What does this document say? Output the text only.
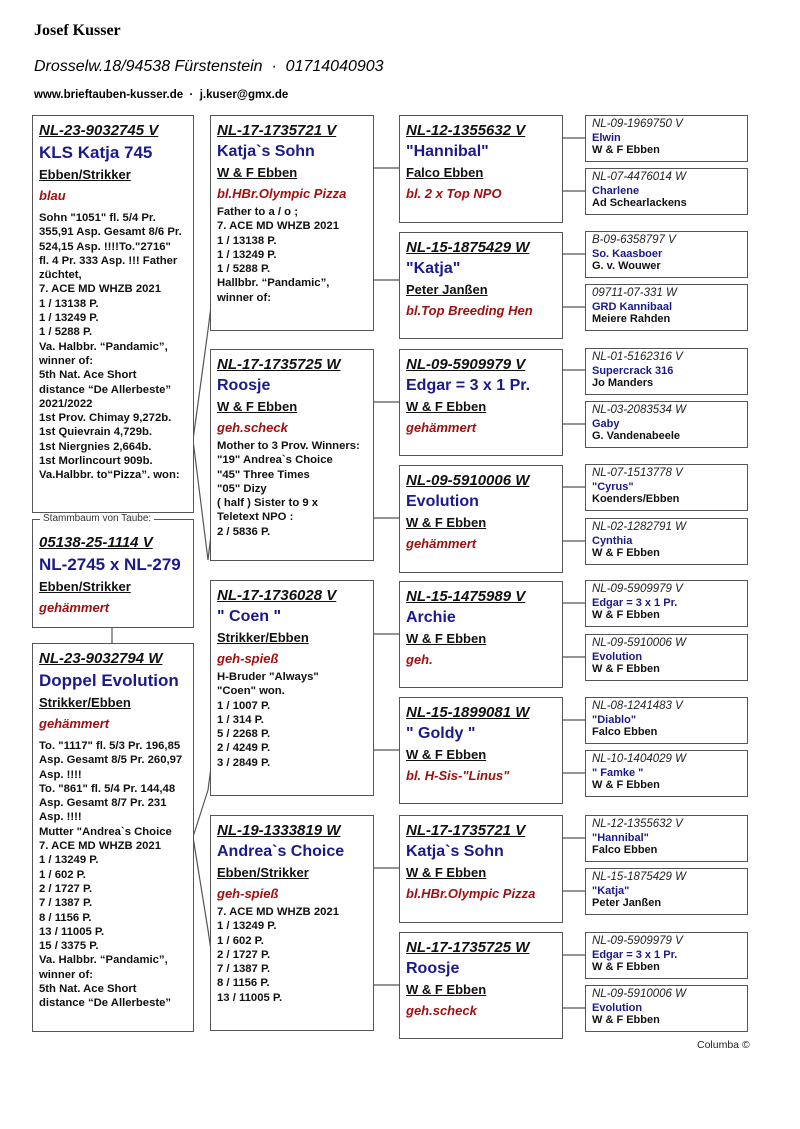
Josef Kusser
Drosselw.18/94538 Fürstenstein  ·  01714040903
www.brieftauben-kusser.de  ·  j.kuser@gmx.de
NL-23-9032745 V
KLS Katja 745
Ebben/Strikker
blau
Sohn "1051" fl. 5/4 Pr.
355,91 Asp. Gesamt 8/6 Pr.
524,15 Asp. !!!!To."2716"
fl. 4 Pr. 333 Asp. !!! Father
züchtet,
7. ACE MD WHZB 2021
1 / 13138 P.
1 / 13249 P.
1 / 5288 P.
Va. Halbbr. “Pandamic”,
winner of:
5th Nat. Ace Short
distance “De Allerbeste”
2021/2022
1st Prov. Chimay 9,272b.
1st Quievrain 4,729b.
1st Niergnies 2,664b.
1st Morlincourt 909b.
Va.Halbbr. to“Pizza”. won:
05138-25-1114 V
NL-2745 x NL-279
Ebben/Strikker
gehämmert
Stammbaum von Taube:
NL-23-9032794 W
Doppel Evolution
Strikker/Ebben
gehämmert
To. "1117" fl. 5/3 Pr. 196,85
Asp. Gesamt 8/5 Pr. 260,97
Asp. !!!!
To. "861" fl. 5/4 Pr. 144,48
Asp. Gesamt 8/7 Pr. 231
Asp. !!!!
Mutter "Andrea`s Choice
7. ACE MD WHZB 2021
1 / 13249 P.
1 / 602 P.
2 / 1727 P.
7 / 1387 P.
8 / 1156 P.
13 / 11005 P.
15 / 3375 P.
Va. Halbbr. “Pandamic”,
winner of:
5th Nat. Ace Short
distance “De Allerbeste”
NL-17-1735721 V
Katja`s Sohn
W & F Ebben
bl.HBr.Olympic Pizza
Father to a / o ;
7. ACE MD WHZB 2021
1 / 13138 P.
1 / 13249 P.
1 / 5288 P.
Hallbbr. “Pandamic”,
winner of:
NL-17-1735725 W
Roosje
W & F Ebben
geh.scheck
Mother to 3 Prov. Winners:
"19" Andrea`s Choice
"45" Three Times
"05" Dizy
( half ) Sister to 9 x
Teletext NPO :
2 / 5836 P.
NL-17-1736028 V
" Coen "
Strikker/Ebben
geh-spieß
H-Bruder "Always"
"Coen" won.
1 / 1007 P.
1 / 314 P.
5 / 2268 P.
2 / 4249 P.
3 / 2849 P.
NL-19-1333819 W
Andrea`s Choice
Ebben/Strikker
geh-spieß
7. ACE MD WHZB 2021
1 / 13249 P.
1 / 602 P.
2 / 1727 P.
7 / 1387 P.
8 / 1156 P.
13 / 11005 P.
NL-12-1355632 V
"Hannibal"
Falco Ebben
bl. 2 x Top NPO
NL-15-1875429 W
"Katja"
Peter Janßen
bl.Top Breeding Hen
NL-09-5909979 V
Edgar = 3 x 1 Pr.
W & F Ebben
gehämmert
NL-09-5910006 W
Evolution
W & F Ebben
gehämmert
NL-15-1475989 V
Archie
W & F Ebben
geh.
NL-15-1899081 W
" Goldy "
W & F Ebben
bl. H-Sis-"Linus"
NL-17-1735721 V
Katja`s Sohn
W & F Ebben
bl.HBr.Olympic Pizza
NL-17-1735725 W
Roosje
W & F Ebben
geh.scheck
NL-09-1969750 V
Elwin
W & F Ebben
NL-07-4476014 W
Charlene
Ad Schearlackens
B-09-6358797 V
So. Kaasboer
G. v. Wouwer
09711-07-331 W
GRD Kannibaal
Meiere Rahden
NL-01-5162316 V
Supercrack 316
Jo Manders
NL-03-2083534 W
Gaby
G. Vandenabeele
NL-07-1513778 V
"Cyrus"
Koenders/Ebben
NL-02-1282791 W
Cynthia
W & F Ebben
NL-09-5909979 V
Edgar = 3 x 1 Pr.
W & F Ebben
NL-09-5910006 W
Evolution
W & F Ebben
NL-08-1241483 V
"Diablo"
Falco Ebben
NL-10-1404029 W
" Famke "
W & F Ebben
NL-12-1355632 V
"Hannibal"
Falco Ebben
NL-15-1875429 W
"Katja"
Peter Janßen
NL-09-5909979 V
Edgar = 3 x 1 Pr.
W & F Ebben
NL-09-5910006 W
Evolution
W & F Ebben
Columba ©
